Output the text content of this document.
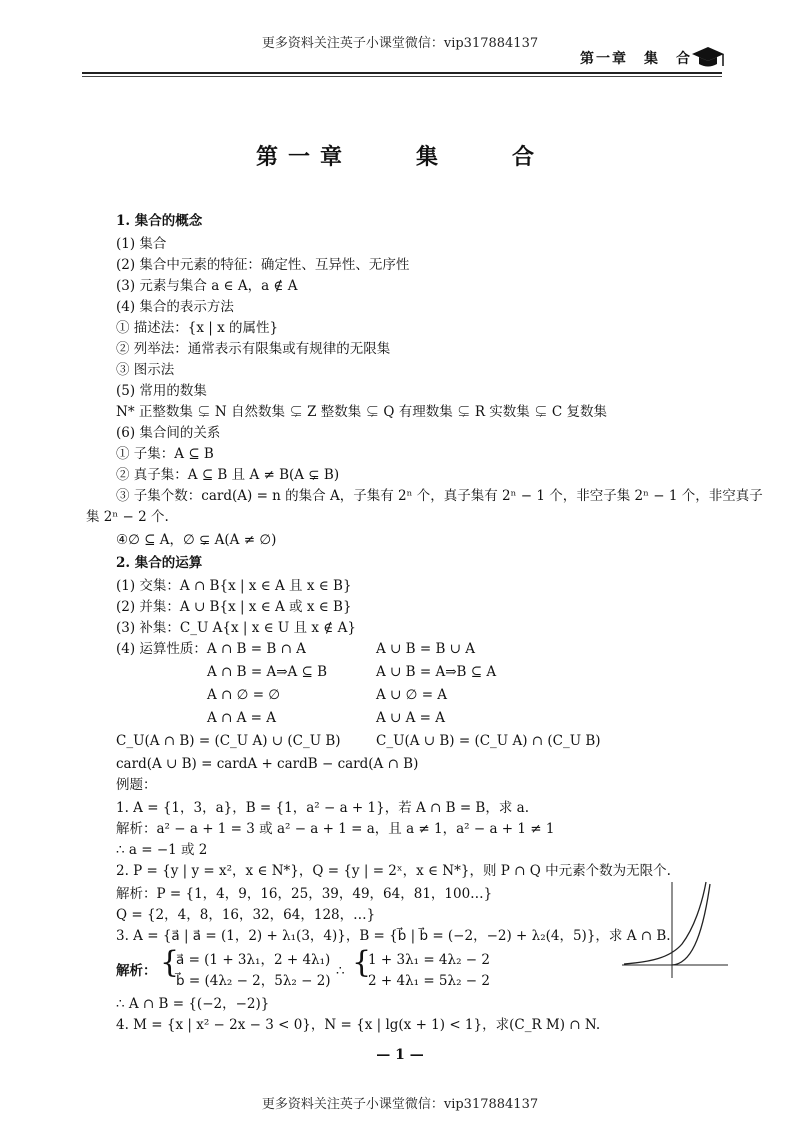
更多资料关注英子小课堂微信：vip317884137
第一章　集　合
第一章　　集　　合
1. 集合的概念
(1) 集合
(2) 集合中元素的特征：确定性、互异性、无序性
(3) 元素与集合 a ∈ A，a ∉ A
(4) 集合的表示方法
① 描述法：{x | x 的属性}
② 列举法：通常表示有限集或有规律的无限集
③ 图示法
(5) 常用的数集
N* 正整数集 ⊊ N 自然数集 ⊊ Z 整数集 ⊊ Q 有理数集 ⊊ R 实数集 ⊊ C 复数集
(6) 集合间的关系
① 子集：A ⊆ B
② 真子集：A ⊆ B 且 A ≠ B(A ⊊ B)
③ 子集个数：card(A) = n 的集合 A，子集有 2ⁿ 个，真子集有 2ⁿ − 1 个，非空子集 2ⁿ − 1 个，非空真子
集 2ⁿ − 2 个.
④∅ ⊆ A，∅ ⊊ A(A ≠ ∅)
2. 集合的运算
(1) 交集：A ∩ B{x | x ∈ A 且 x ∈ B}
(2) 并集：A ∪ B{x | x ∈ A 或 x ∈ B}
(3) 补集：C_U A{x | x ∈ U 且 x ∉ A}
(4) 运算性质：A ∩ B = B ∩ A	A ∪ B = B ∪ A
A ∩ B = A⇒A ⊆ B	A ∪ B = A⇒B ⊆ A
A ∩ ∅ = ∅	A ∪ ∅ = A
A ∩ A = A	A ∪ A = A
C_U(A ∩ B) = (C_U A) ∪ (C_U B)	C_U(A ∪ B) = (C_U A) ∩ (C_U B)
card(A ∪ B) = cardA + cardB − card(A ∩ B)
例题：
1. A = {1，3，a}，B = {1，a² − a + 1}，若 A ∩ B = B，求 a.
解析：a² − a + 1 = 3 或 a² − a + 1 = a，且 a ≠ 1，a² − a + 1 ≠ 1
∴ a = −1 或 2
2. P = {y | y = x²，x ∈ N*}，Q = {y | = 2ˣ，x ∈ N*}，则 P ∩ Q 中元素个数为无限个.
解析：P = {1，4，9，16，25，39，49，64，81，100…}
Q = {2，4，8，16，32，64，128，…}
3. A = {a⃗ | a⃗ = (1，2) + λ₁(3，4)}，B = {b⃗ | b⃗ = (−2，−2) + λ₂(4，5)}，求 A ∩ B.
解析： {
a⃗ = (1 + 3λ₁，2 + 4λ₁)
b⃗ = (4λ₂ − 2，5λ₂ − 2)
∴ {
1 + 3λ₁ = 4λ₂ − 2
2 + 4λ₁ = 5λ₂ − 2
∴ A ∩ B = {(−2，−2)}
4. M = {x | x² − 2x − 3 < 0}，N = {x | lg(x + 1) < 1}，求(C_R M) ∩ N.
— 1 —
更多资料关注英子小课堂微信：vip317884137
